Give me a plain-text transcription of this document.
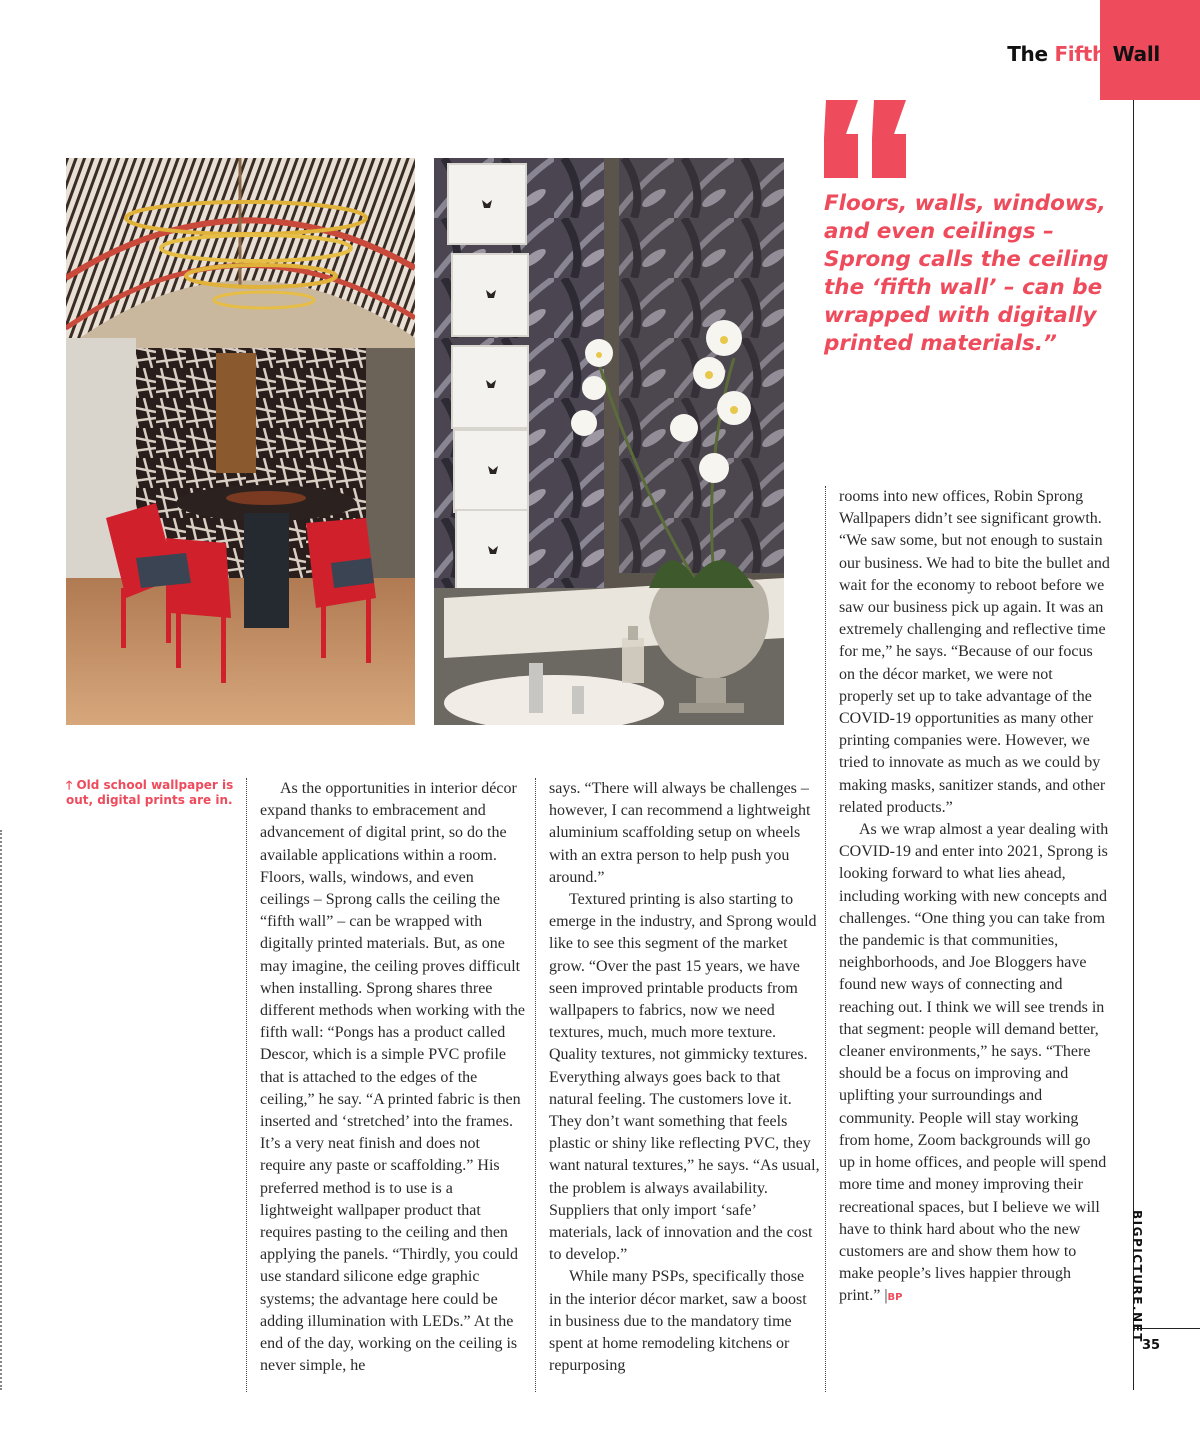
The Fifth Wall
BIGPICTURE.NET
35
Floors, walls, windows, and even ceilings – Sprong calls the ceiling the ‘fifth wall’ – can be wrapped with digitally printed materials.”
🡑 Old school wallpaper is out, digital prints are in.

As the opportunities in interior décor expand thanks to embracement and advancement of digital print, so do the available applications within a room. Floors, walls, windows, and even ceilings – Sprong calls the ceiling the “fifth wall” – can be wrapped with digitally printed materials. But, as one may imagine, the ceiling proves difficult when installing. Sprong shares three different methods when working with the fifth wall: “Pongs has a product called Descor, which is a simple PVC profile that is attached to the edges of the ceiling,” he say. “A printed fabric is then inserted and ‘stretched’ into the frames. It’s a very neat finish and does not require any paste or scaffolding.” His preferred method is to use is a lightweight wallpaper product that requires pasting to the ceiling and then applying the panels. “Thirdly, you could use standard silicone edge graphic systems; the advantage here could be adding illumination with LEDs.” At the end of the day, working on the ceiling is never simple, he

says. “There will always be challenges – however, I can recommend a lightweight aluminium scaffolding setup on wheels with an extra person to help push you around.”

Textured printing is also starting to emerge in the industry, and Sprong would like to see this segment of the market grow. “Over the past 15 years, we have seen improved printable products from wallpapers to fabrics, now we need textures, much, much more texture. Quality textures, not gimmicky textures. Everything always goes back to that natural feeling. The customers love it. They don’t want something that feels plastic or shiny like reflecting PVC, they want natural textures,” he says. “As usual, the problem is always availability. Suppliers that only import ‘safe’ materials, lack of innovation and the cost to develop.”

While many PSPs, specifically those in the interior décor market, saw a boost in business due to the mandatory time spent at home remodeling kitchens or repurposing

rooms into new offices, Robin Sprong Wallpapers didn’t see significant growth. “We saw some, but not enough to sustain our business. We had to bite the bullet and wait for the economy to reboot before we saw our business pick up again. It was an extremely challenging and reflective time for me,” he says. “Because of our focus on the décor market, we were not properly set up to take advantage of the COVID-19 opportunities as many other printing companies were. However, we tried to innovate as much as we could by making masks, sanitizer stands, and other related products.”

As we wrap almost a year dealing with COVID-19 and enter into 2021, Sprong is looking forward to what lies ahead, including working with new concepts and challenges. “One thing you can take from the pandemic is that communities, neighborhoods, and Joe Bloggers have found new ways of connecting and reaching out. I think we will see trends in that segment: people will demand better, cleaner environments,” he says. “There should be a focus on improving and uplifting your surroundings and community. People will stay working from home, Zoom backgrounds will go up in home offices, and people will spend more time and money improving their recreational spaces, but I believe we will have to think hard about who the new customers are and show them how to make people’s lives happier through print.” |BP
